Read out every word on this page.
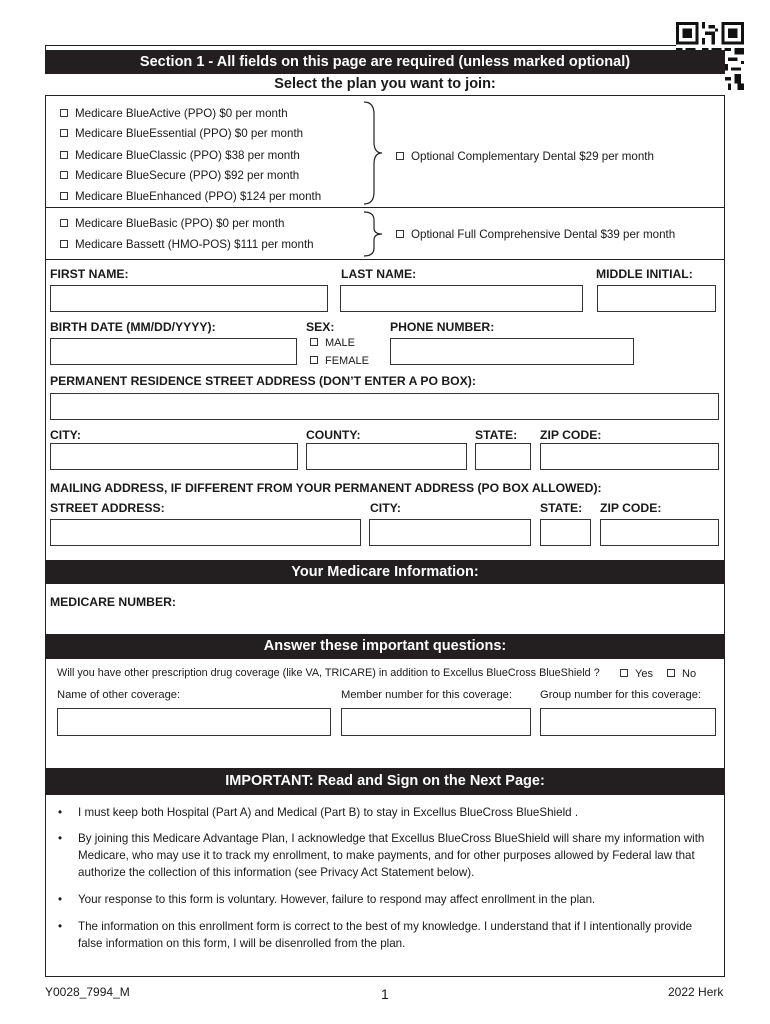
Section 1 - All fields on this page are required (unless marked optional)
Select the plan you want to join:
Medicare BlueActive (PPO) $0 per month
Medicare BlueEssential (PPO) $0 per month
Medicare BlueClassic (PPO) $38 per month
Medicare BlueSecure (PPO) $92 per month
Medicare BlueEnhanced (PPO) $124 per month
Optional Complementary Dental $29 per month
Medicare BlueBasic (PPO) $0 per month
Medicare Bassett (HMO-POS) $111 per month
Optional Full Comprehensive Dental $39 per month
FIRST NAME:	LAST NAME:	MIDDLE INITIAL:
BIRTH DATE (MM/DD/YYYY):	SEX:	PHONE NUMBER:
MALE
FEMALE
PERMANENT RESIDENCE STREET ADDRESS (DON’T ENTER A PO BOX):
CITY:	COUNTY:	STATE: ZIP CODE:
MAILING ADDRESS, IF DIFFERENT FROM YOUR PERMANENT ADDRESS (PO BOX ALLOWED):
STREET ADDRESS:	CITY:	STATE: ZIP CODE:
Your Medicare Information:
MEDICARE NUMBER:
Answer these important questions:
Will you have other prescription drug coverage (like VA, TRICARE) in addition to Excellus BlueCross BlueShield ?	Yes	No
Name of other coverage:	Member number for this coverage:	Group number for this coverage:
IMPORTANT: Read and Sign on the Next Page:
• I must keep both Hospital (Part A) and Medical (Part B) to stay in Excellus BlueCross BlueShield .
• By joining this Medicare Advantage Plan, I acknowledge that Excellus BlueCross BlueShield will share my information with Medicare, who may use it to track my enrollment, to make payments, and for other purposes allowed by Federal law that authorize the collection of this information (see Privacy Act Statement below).
• Your response to this form is voluntary. However, failure to respond may affect enrollment in the plan.
• The information on this enrollment form is correct to the best of my knowledge. I understand that if I intentionally provide false information on this form, I will be disenrolled from the plan.
Y0028_7994_M	1	2022 Herk
